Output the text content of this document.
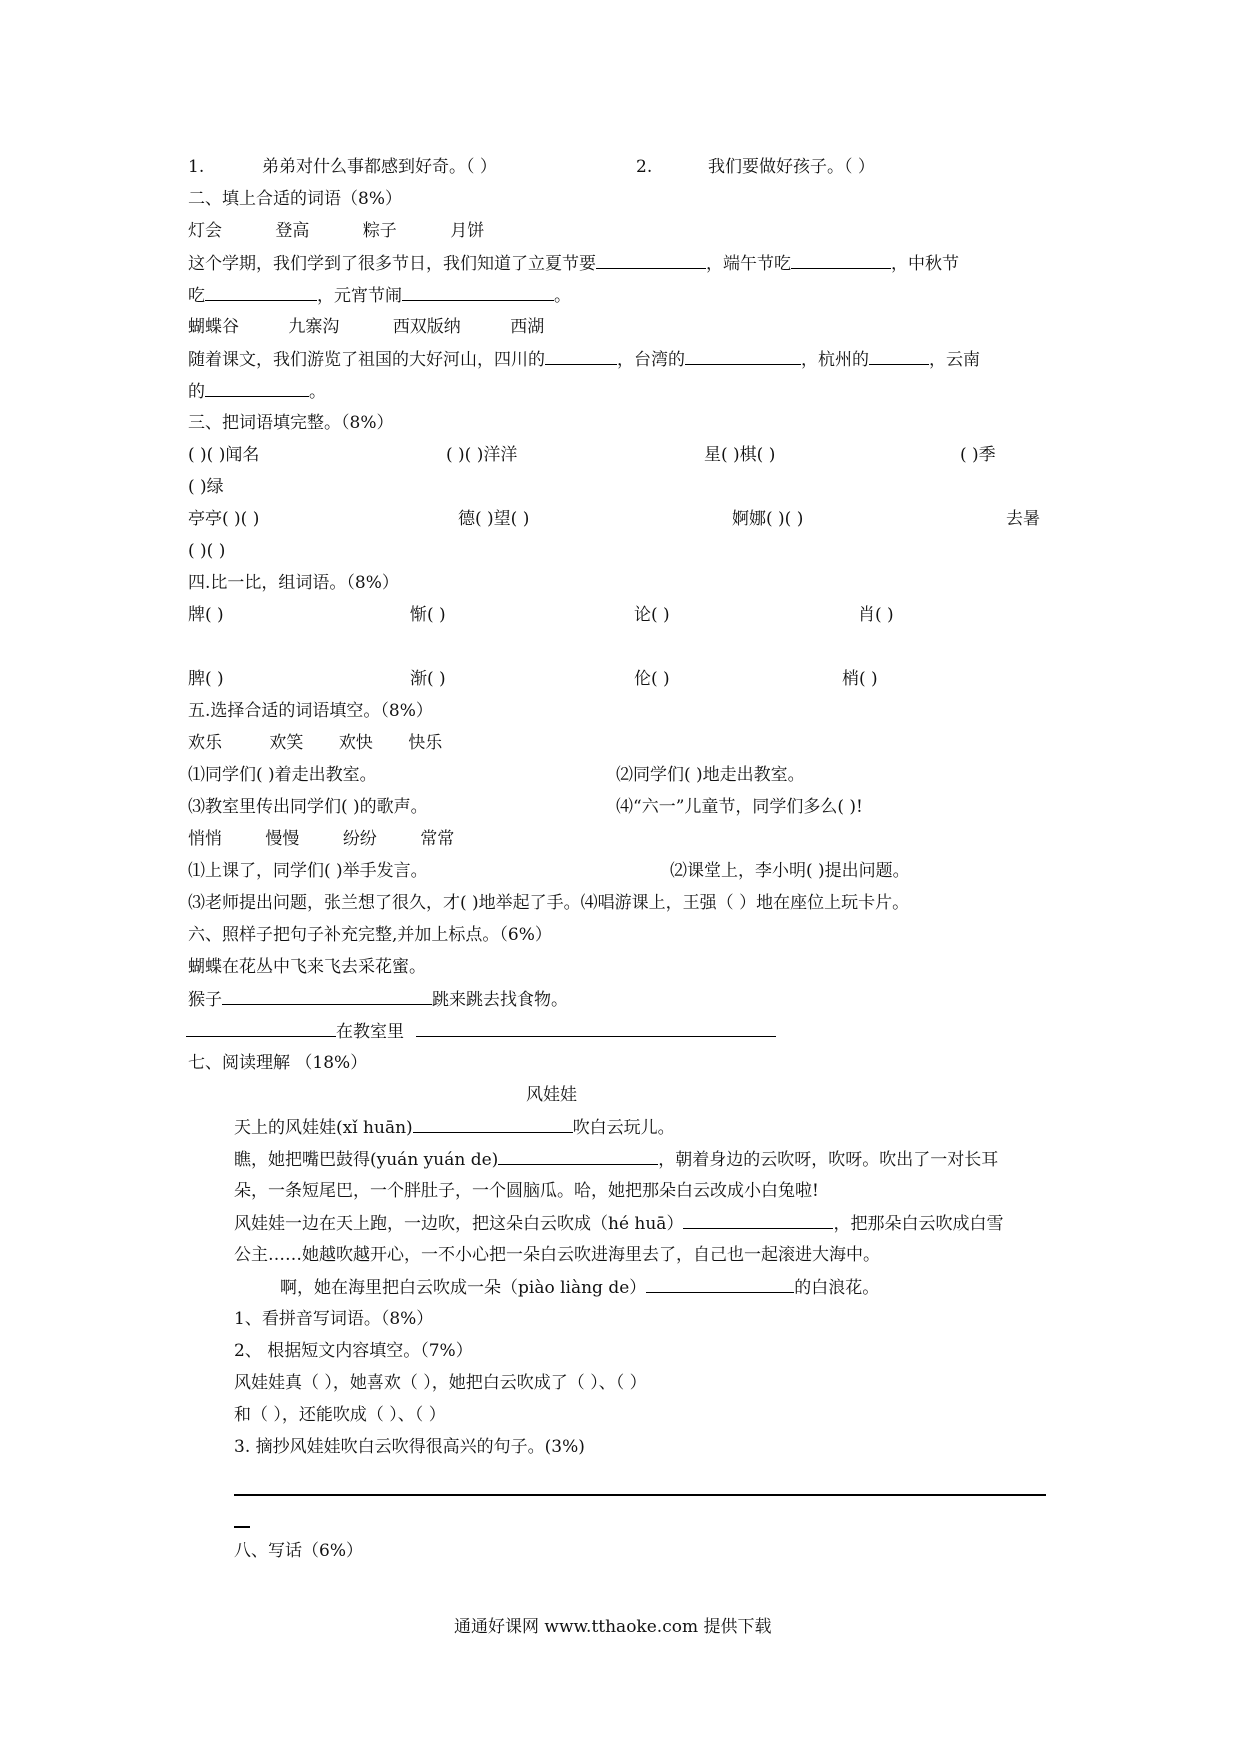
1.	弟弟对什么事都感到好奇。（ ）	2.	我们要做好孩子。（ ）
二、填上合适的词语（8%）
灯会	登高	粽子	月饼
这个学期，我们学到了很多节日，我们知道了立夏节要	，端午节吃	，中秋节
吃	，元宵节闹	。
蝴蝶谷	九寨沟	西双版纳	西湖
随着课文，我们游览了祖国的大好河山，四川的	，台湾的	，杭州的	，云南
的	。
三、把词语填完整。（8%）
( )( )闻名	( )( )洋洋	星( )棋( )	( )季
( )绿
亭亭( )( )	德( )望( )	婀娜( )( )	去暑
( )( )
四.比一比，组词语。（8%）
牌( )	惭( )	论( )	肖( )
脾( )	渐( )	伦( )	梢( )
五.选择合适的词语填空。（8%）
欢乐	欢笑 欢快 快乐
⑴同学们( )着走出教室。	⑵同学们( )地走出教室。
⑶教室里传出同学们( )的歌声。	⑷“六一”儿童节，同学们多么( )!
悄悄	慢慢	纷纷	常常
⑴上课了，同学们( )举手发言。	⑵课堂上，李小明( )提出问题。
⑶老师提出问题，张兰想了很久，才( )地举起了手。⑷唱游课上，王强（ ）地在座位上玩卡片。
六、照样子把句子补充完整,并加上标点。（6%）
蝴蝶在花丛中飞来飞去采花蜜。
猴子	跳来跳去找食物。
在教室里
七、阅读理解 （18%）
风娃娃
天上的风娃娃(xǐ huān)	吹白云玩儿。
瞧，她把嘴巴鼓得(yuán yuán de)	，朝着身边的云吹呀，吹呀。吹出了一对长耳
朵，一条短尾巴，一个胖肚子，一个圆脑瓜。哈，她把那朵白云改成小白兔啦!
风娃娃一边在天上跑，一边吹，把这朵白云吹成（hé huā）	，把那朵白云吹成白雪
公主……她越吹越开心，一不小心把一朵白云吹进海里去了，自己也一起滚进大海中。
啊，她在海里把白云吹成一朵（piào liàng de）	的白浪花。
1、看拼音写词语。（8%）
2、 根据短文内容填空。（7%）
风娃娃真（ ），她喜欢（ ），她把白云吹成了（ ）、（ ）
和（ ），还能吹成（ ）、（ ）
3. 摘抄风娃娃吹白云吹得很高兴的句子。(3%)
八、写话（6%）
通通好课网 www.tthaoke.com 提供下载
